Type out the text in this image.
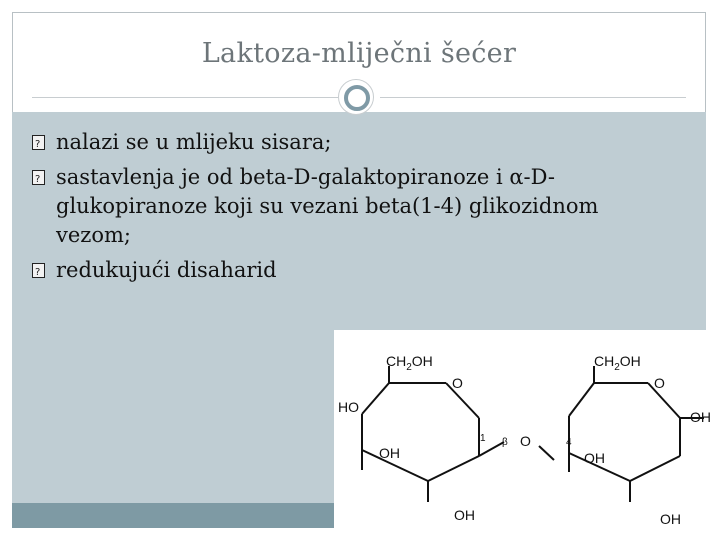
Laktoza-mliječni šećer
?
nalazi se u mlijeku sisara;
?
sastavlenja je od beta-D-galaktopiranoze i α-D-glukopiranoze koji su vezani beta(1-4) glikozidnom vezom;
?
redukujući disaharid
$CH_2OH$
O
HO
OH
OH
1 β O	4
$CH_2OH$
O
OH
OH
OH
